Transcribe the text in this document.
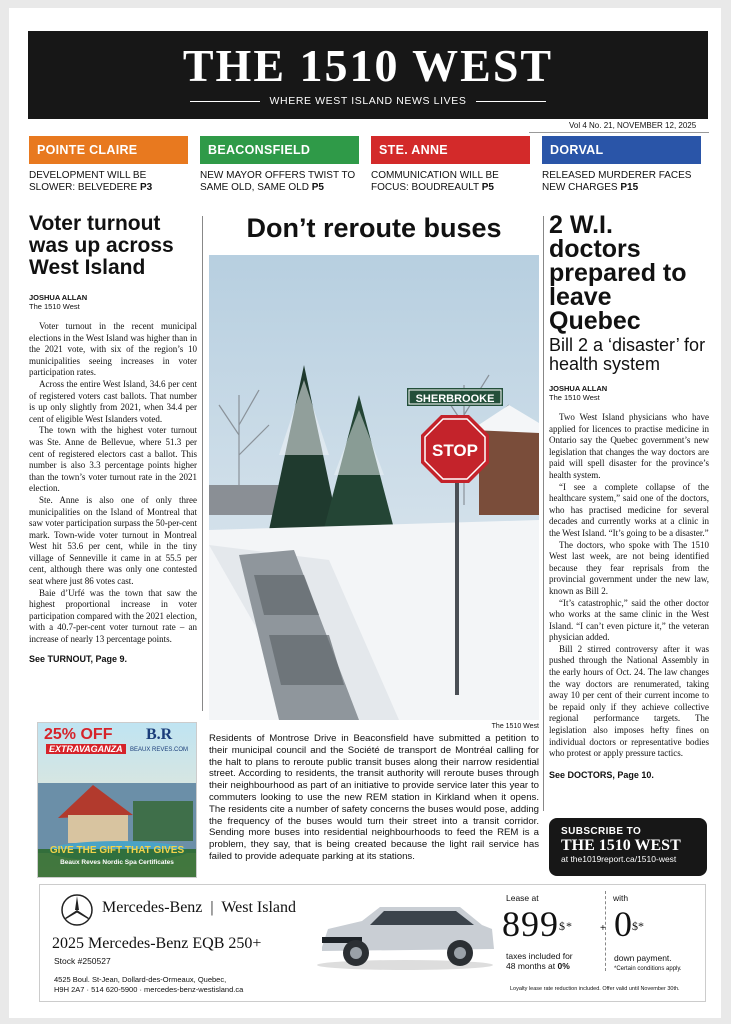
THE 1510 WEST
WHERE WEST ISLAND NEWS LIVES
Vol 4 No. 21, NOVEMBER 12, 2025
POINTE CLAIRE
DEVELOPMENT WILL BE SLOWER: BELVEDERE P3
BEACONSFIELD
NEW MAYOR OFFERS TWIST TO SAME OLD, SAME OLD P5
STE. ANNE
COMMUNICATION WILL BE FOCUS: BOUDREAULT P5
DORVAL
RELEASED MURDERER FACES NEW CHARGES P15
Voter turnout was up across West Island
JOSHUA ALLAN
The 1510 West

Voter turnout in the recent municipal elections in the West Island was higher than in the 2021 vote, with six of the region’s 10 municipalities seeing increases in voter participation rates.

Across the entire West Island, 34.6 per cent of registered voters cast ballots. That number is up only slightly from 2021, when 34.4 per cent of eligible West Islanders voted.

The town with the highest voter turnout was Ste. Anne de Bellevue, where 51.3 per cent of registered electors cast a ballot. This number is also 3.3 percentage points higher than the town’s voter turnout rate in the 2021 election.

Ste. Anne is also one of only three municipalities on the Island of Montreal that saw voter participation surpass the 50-per-cent mark. Town-wide voter turnout in Montreal West hit 53.6 per cent, while in the tiny village of Senneville it came in at 55.5 per cent, although there was only one contested seat where just 86 votes cast.

Baie d’Urfé was the town that saw the highest proportional increase in voter participation compared with the 2021 election, with a 40.7-per-cent voter turnout rate – an increase of nearly 13 percentage points.

See TURNOUT, Page 9.
25% OFF
EXTRAVAGANZA
B.R
BEAUX REVES.COM
GIVE THE GIFT THAT GIVES
Beaux Reves Nordic Spa Certificates
Don’t reroute buses
SHERBROOKE
STOP
The 1510 West
Residents of Montrose Drive in Beaconsfield have submitted a petition to their municipal council and the Société de transport de Montréal calling for the halt to plans to reroute public transit buses along their narrow residential street. According to residents, the transit authority will reroute buses through their neighbourhood as part of an initiative to provide service later this year to commuters looking to use the new REM station in Kirkland when it opens. The residents cite a number of safety concerns the buses would pose, adding the frequency of the buses would turn their street into a transit corridor. Sending more buses into residential neighbourhoods to feed the REM is a problem, they say, that is being created because the light rail service has failed to provide adequate parking at its stations.
2 W.I. doctors prepared to leave Quebec
Bill 2 a ‘disaster’ for health system
JOSHUA ALLAN
The 1510 West

Two West Island physicians who have applied for licences to practise medicine in Ontario say the Quebec government’s new legislation that changes the way doctors are paid will spell disaster for the province’s health system.

“I see a complete collapse of the healthcare system,” said one of the doctors, who has practised medicine for several decades and currently works at a clinic in the West Island. “It’s going to be a disaster.”

The doctors, who spoke with The 1510 West last week, are not being identified because they fear reprisals from the provincial government under the new law, known as Bill 2.

“It’s catastrophic,” said the other doctor who works at the same clinic in the West Island. “I can’t even picture it,” the veteran physician added.

Bill 2 stirred controversy after it was pushed through the National Assembly in the early hours of Oct. 24. The law changes the way doctors are renumerated, taking away 10 per cent of their current income to be repaid only if they achieve collective regional performance targets. The legislation also imposes hefty fines on individual doctors or representative bodies who protest or apply pressure tactics.

See DOCTORS, Page 10.
SUBSCRIBE TO
THE 1510 WEST
at the1019report.ca/1510-west
Mercedes-Benz  |  West Island
2025 Mercedes-Benz EQB 250+
Stock #250527
4525 Boul. St-Jean, Dollard-des-Ormeaux, Quebec,
H9H 2A7 · 514 620-5900 · mercedes-benz-westisland.ca
Lease at
899$*	+
with
0$*
taxes included for
48 months at 0%
down payment.
*Certain conditions apply.
Loyalty lease rate reduction included. Offer valid until November 30th.
